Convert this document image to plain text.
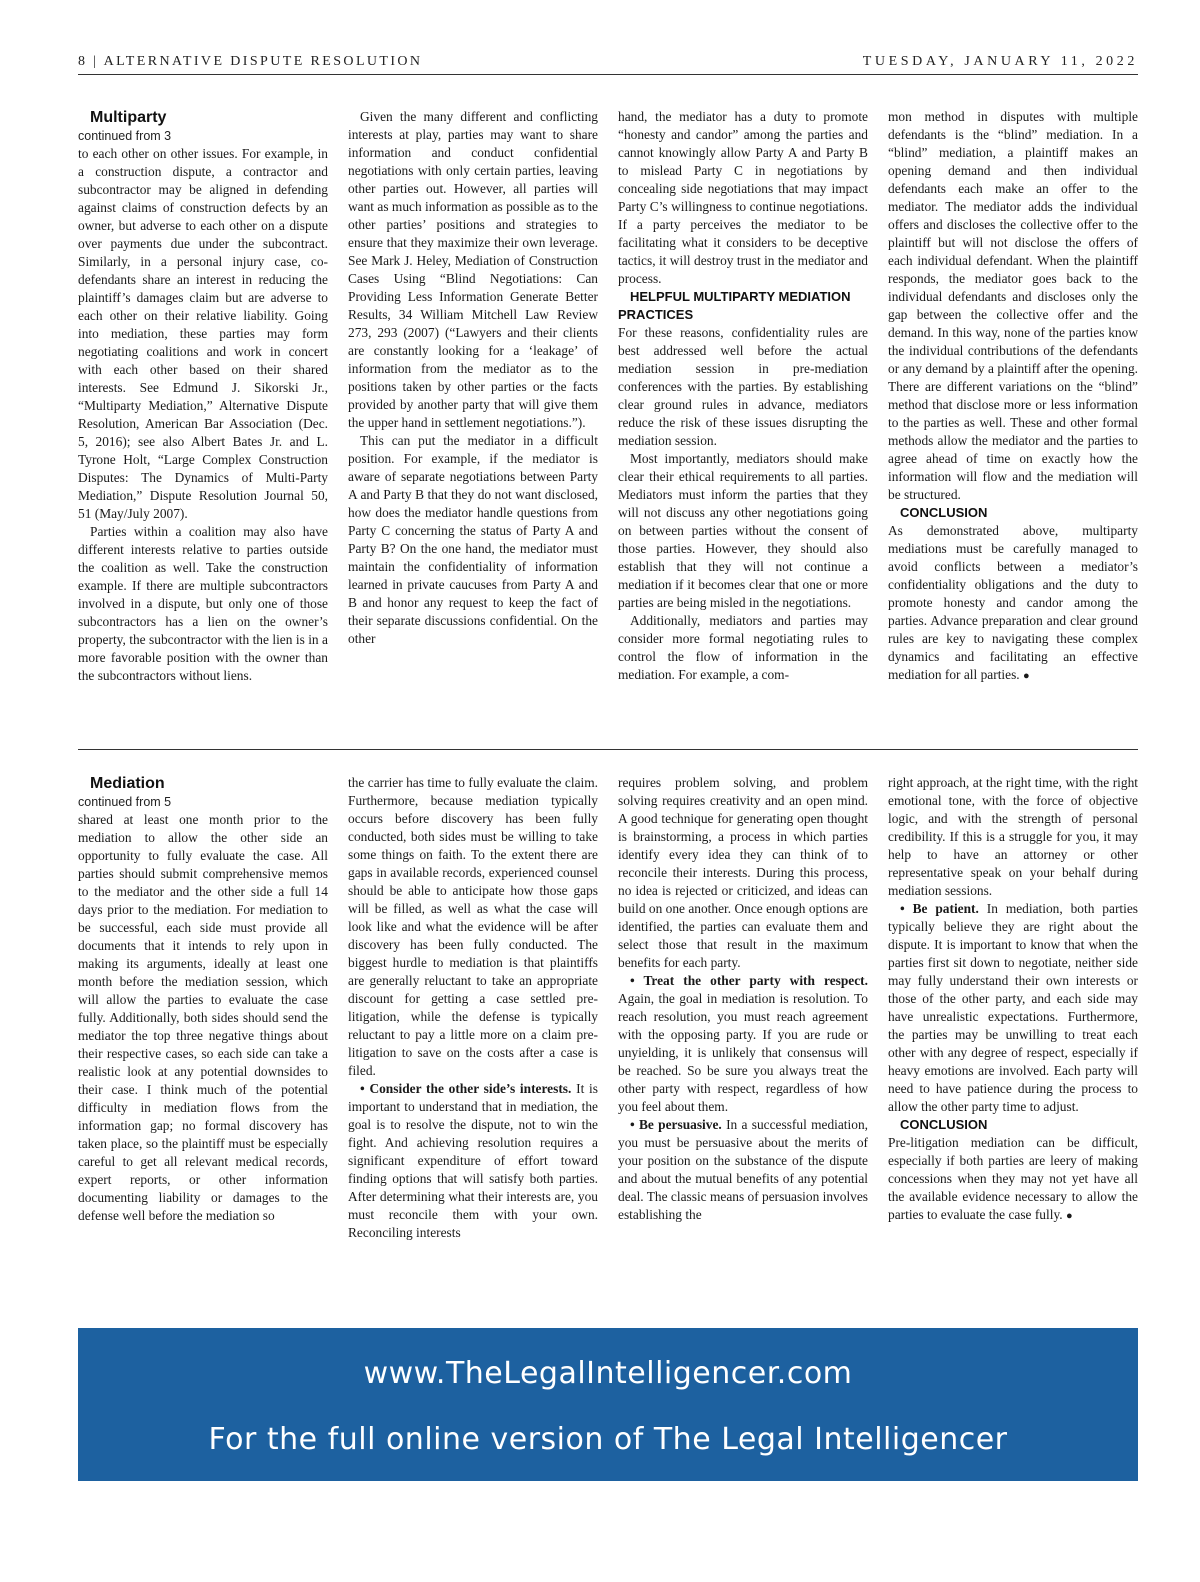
8 | ALTERNATIVE DISPUTE RESOLUTION	TUESDAY, JANUARY 11, 2022

Multiparty

continued from 3

to each other on other issues. For example, in a construction dispute, a contractor and subcontractor may be aligned in defending against claims of construction defects by an owner, but adverse to each other on a dispute over payments due under the subcontract. Similarly, in a personal injury case, co-defendants share an interest in reducing the plaintiff’s damages claim but are adverse to each other on their relative liability. Going into mediation, these parties may form negotiating coalitions and work in concert with each other based on their shared interests. See Edmund J. Sikorski Jr., “Multiparty Mediation,” Alternative Dispute Resolution, American Bar Association (Dec. 5, 2016); see also Albert Bates Jr. and L. Tyrone Holt, “Large Complex Construction Disputes: The Dynamics of Multi-Party Mediation,” Dispute Resolution Journal 50, 51 (May/July 2007).

Parties within a coalition may also have different interests relative to parties outside the coalition as well. Take the construction example. If there are multiple subcontractors involved in a dispute, but only one of those subcontractors has a lien on the owner’s property, the subcontractor with the lien is in a more favorable position with the owner than the subcontractors without liens.

Given the many different and conflicting interests at play, parties may want to share information and conduct confidential negotiations with only certain parties, leaving other parties out. However, all parties will want as much information as possible as to the other parties’ positions and strategies to ensure that they maximize their own leverage. See Mark J. Heley, Mediation of Construction Cases Using “Blind Negotiations: Can Providing Less Information Generate Better Results, 34 William Mitchell Law Review 273, 293 (2007) (“Lawyers and their clients are constantly looking for a ‘leakage’ of information from the mediator as to the positions taken by other parties or the facts provided by another party that will give them the upper hand in settlement negotiations.”).

This can put the mediator in a difficult position. For example, if the mediator is aware of separate negotiations between Party A and Party B that they do not want disclosed, how does the mediator handle questions from Party C concerning the status of Party A and Party B? On the one hand, the mediator must maintain the confidentiality of information learned in private caucuses from Party A and B and honor any request to keep the fact of their separate discussions confidential. On the other

hand, the mediator has a duty to promote “honesty and candor” among the parties and cannot knowingly allow Party A and Party B to mislead Party C in negotiations by concealing side negotiations that may impact Party C’s willingness to continue negotiations. If a party perceives the mediator to be facilitating what it considers to be deceptive tactics, it will destroy trust in the mediator and process.

HELPFUL MULTIPARTY MEDIATION PRACTICES

For these reasons, confidentiality rules are best addressed well before the actual mediation session in pre-mediation conferences with the parties. By establishing clear ground rules in advance, mediators reduce the risk of these issues disrupting the mediation session.

Most importantly, mediators should make clear their ethical requirements to all parties. Mediators must inform the parties that they will not discuss any other negotiations going on between parties without the consent of those parties. However, they should also establish that they will not continue a mediation if it becomes clear that one or more parties are being misled in the negotiations.

Additionally, mediators and parties may consider more formal negotiating rules to control the flow of information in the mediation. For example, a com-

mon method in disputes with multiple defendants is the “blind” mediation. In a “blind” mediation, a plaintiff makes an opening demand and then individual defendants each make an offer to the mediator. The mediator adds the individual offers and discloses the collective offer to the plaintiff but will not disclose the offers of each individual defendant. When the plaintiff responds, the mediator goes back to the individual defendants and discloses only the gap between the collective offer and the demand. In this way, none of the parties know the individual contributions of the defendants or any demand by a plaintiff after the opening. There are different variations on the “blind” method that disclose more or less information to the parties as well. These and other formal methods allow the mediator and the parties to agree ahead of time on exactly how the information will flow and the mediation will be structured.

CONCLUSION

As demonstrated above, multiparty mediations must be carefully managed to avoid conflicts between a mediator’s confidentiality obligations and the duty to promote honesty and candor among the parties. Advance preparation and clear ground rules are key to navigating these complex dynamics and facilitating an effective mediation for all parties. ●

Mediation

continued from 5

shared at least one month prior to the mediation to allow the other side an opportunity to fully evaluate the case. All parties should submit comprehensive memos to the mediator and the other side a full 14 days prior to the mediation. For mediation to be successful, each side must provide all documents that it intends to rely upon in making its arguments, ideally at least one month before the mediation session, which will allow the parties to evaluate the case fully. Additionally, both sides should send the mediator the top three negative things about their respective cases, so each side can take a realistic look at any potential downsides to their case. I think much of the potential difficulty in mediation flows from the information gap; no formal discovery has taken place, so the plaintiff must be especially careful to get all relevant medical records, expert reports, or other information documenting liability or damages to the defense well before the mediation so

the carrier has time to fully evaluate the claim. Furthermore, because mediation typically occurs before discovery has been fully conducted, both sides must be willing to take some things on faith. To the extent there are gaps in available records, experienced counsel should be able to anticipate how those gaps will be filled, as well as what the case will look like and what the evidence will be after discovery has been fully conducted. The biggest hurdle to mediation is that plaintiffs are generally reluctant to take an appropriate discount for getting a case settled pre-litigation, while the defense is typically reluctant to pay a little more on a claim pre-litigation to save on the costs after a case is filed.

• Consider the other side’s interests. It is important to understand that in mediation, the goal is to resolve the dispute, not to win the fight. And achieving resolution requires a significant expenditure of effort toward finding options that will satisfy both parties. After determining what their interests are, you must reconcile them with your own. Reconciling interests

requires problem solving, and problem solving requires creativity and an open mind. A good technique for generating open thought is brainstorming, a process in which parties identify every idea they can think of to reconcile their interests. During this process, no idea is rejected or criticized, and ideas can build on one another. Once enough options are identified, the parties can evaluate them and select those that result in the maximum benefits for each party.

• Treat the other party with respect. Again, the goal in mediation is resolution. To reach resolution, you must reach agreement with the opposing party. If you are rude or unyielding, it is unlikely that consensus will be reached. So be sure you always treat the other party with respect, regardless of how you feel about them.

• Be persuasive. In a successful mediation, you must be persuasive about the merits of your position on the substance of the dispute and about the mutual benefits of any potential deal. The classic means of persuasion involves establishing the

right approach, at the right time, with the right emotional tone, with the force of objective logic, and with the strength of personal credibility. If this is a struggle for you, it may help to have an attorney or other representative speak on your behalf during mediation sessions.

• Be patient. In mediation, both parties typically believe they are right about the dispute. It is important to know that when the parties first sit down to negotiate, neither side may fully understand their own interests or those of the other party, and each side may have unrealistic expectations. Furthermore, the parties may be unwilling to treat each other with any degree of respect, especially if heavy emotions are involved. Each party will need to have patience during the process to allow the other party time to adjust.

CONCLUSION

Pre-litigation mediation can be difficult, especially if both parties are leery of making concessions when they may not yet have all the available evidence necessary to allow the parties to evaluate the case fully. ●

www.TheLegalIntelligencer.com
For the full online version of The Legal Intelligencer
